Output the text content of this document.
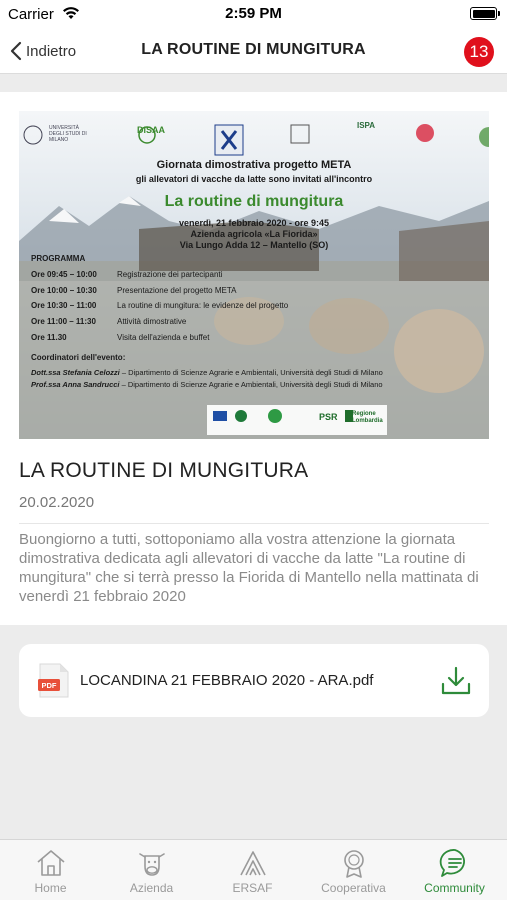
Carrier	2:59 PM
Indietro	LA ROUTINE DI MUNGITURA	13
UNIVERSITÀ DEGLI STUDI DI MILANO
DiSAA	ISPA
Giornata dimostrativa progetto META
gli allevatori di vacche da latte sono invitati all'incontro
La routine di mungitura
venerdì, 21 febbraio 2020 - ore 9:45
Azienda agricola «La Fiorida»
Via Lungo Adda 12 – Mantello (SO)
PROGRAMMA
Ore 09:45 – 10:00	Registrazione dei partecipanti
Ore 10:00 – 10:30	Presentazione del progetto META
Ore 10:30 – 11:00	La routine di mungitura: le evidenze del progetto
Ore 11:00 – 11:30	Attività dimostrative
Ore 11.30	Visita dell'azienda e buffet
Coordinatori dell'evento:
Dott.ssa Stefania Celozzi – Dipartimento di Scienze Agrarie e Ambientali, Università degli Studi di Milano
Prof.ssa Anna Sandrucci – Dipartimento di Scienze Agrarie e Ambientali, Università degli Studi di Milano
PSR Regione Lombardia
LA ROUTINE DI MUNGITURA
20.02.2020
Buongiorno a tutti, sottoponiamo alla vostra attenzione la giornata dimostrativa dedicata agli allevatori di vacche da latte "La routine di mungitura" che si terrà presso la Fiorida di Mantello nella mattinata di venerdì 21 febbraio 2020
PDF LOCANDINA 21 FEBBRAIO 2020 - ARA.pdf
Home	Azienda	ERSAF	Cooperativa	Community
